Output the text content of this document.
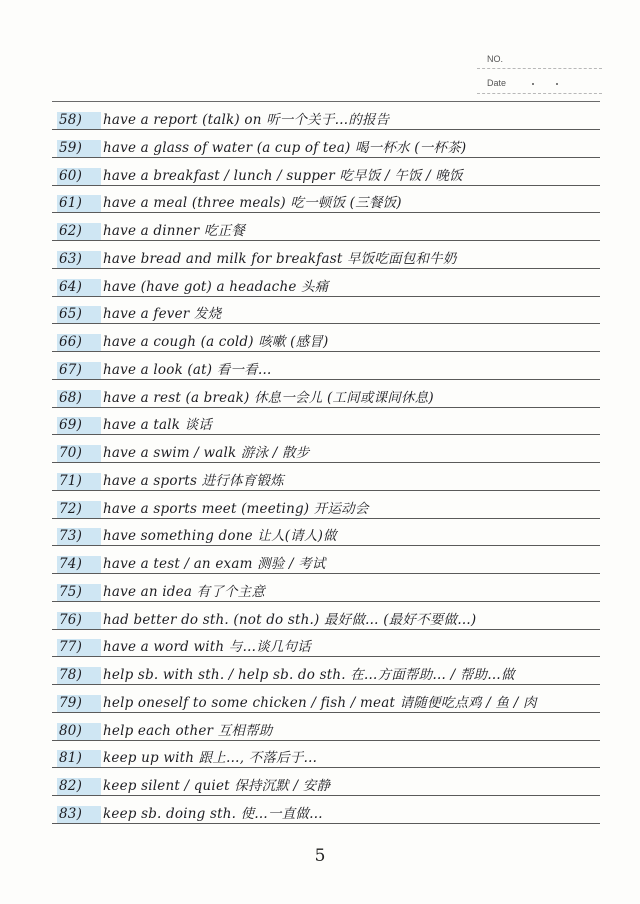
NO.
Date
58)	have a report (talk) on 听一个关于…的报告
59)	have a glass of water (a cup of tea) 喝一杯水 (一杯茶)
60)	have a breakfast / lunch / supper 吃早饭 / 午饭 / 晚饭
61)	have a meal (three meals) 吃一顿饭 (三餐饭)
62)	have a dinner 吃正餐
63)	have bread and milk for breakfast 早饭吃面包和牛奶
64)	have (have got) a headache 头痛
65)	have a fever 发烧
66)	have a cough (a cold) 咳嗽 (感冒)
67)	have a look (at) 看一看…
68)	have a rest (a break) 休息一会儿 (工间或课间休息)
69)	have a talk 谈话
70)	have a swim / walk 游泳 / 散步
71)	have a sports 进行体育锻炼
72)	have a sports meet (meeting) 开运动会
73)	have something done 让人(请人)做
74)	have a test / an exam 测验 / 考试
75)	have an idea 有了个主意
76)	had better do sth. (not do sth.) 最好做… (最好不要做…)
77)	have a word with 与…谈几句话
78)	help sb. with sth. / help sb. do sth. 在…方面帮助… / 帮助…做
79)	help oneself to some chicken / fish / meat 请随便吃点鸡 / 鱼 / 肉
80)	help each other 互相帮助
81)	keep up with 跟上…, 不落后于…
82)	keep silent / quiet 保持沉默 / 安静
83)	keep sb. doing sth. 使…一直做…
5
